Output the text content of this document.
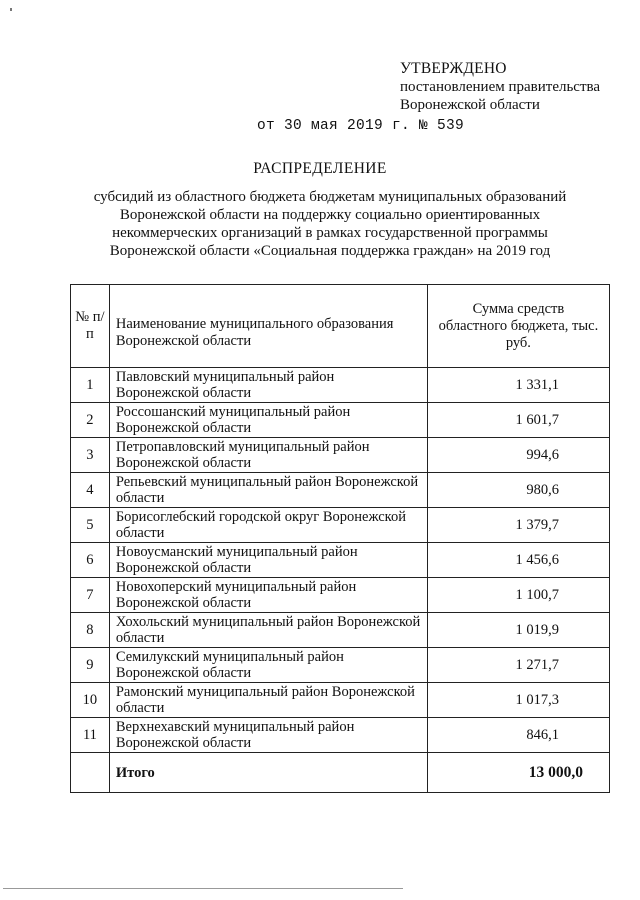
УТВЕРЖДЕНО
постановлением правительства
Воронежской области
от 30 мая 2019 г. № 539
РАСПРЕДЕЛЕНИЕ
субсидий из областного бюджета бюджетам муниципальных образований
Воронежской области на поддержку социально ориентированных
некоммерческих организаций в рамках государственной программы
Воронежской области «Социальная поддержка граждан» на 2019 год
№ п/п	Наименование муниципального образования Воронежской области	Сумма средств областного бюджета, тыс. руб.
1	Павловский муниципальный район Воронежской области	1 331,1
2	Россошанский муниципальный район Воронежской области	1 601,7
3	Петропавловский муниципальный район Воронежской области	994,6
4	Репьевский муниципальный район Воронежской области	980,6
5	Борисоглебский городской округ Воронежской области	1 379,7
6	Новоусманский муниципальный район Воронежской области	1 456,6
7	Новохоперский муниципальный район Воронежской области	1 100,7
8	Хохольский муниципальный район Воронежской области	1 019,9
9	Семилукский муниципальный район Воронежской области	1 271,7
10	Рамонский муниципальный район Воронежской области	1 017,3
11	Верхнехавский муниципальный район Воронежской области	846,1
	Итого	13 000,0
